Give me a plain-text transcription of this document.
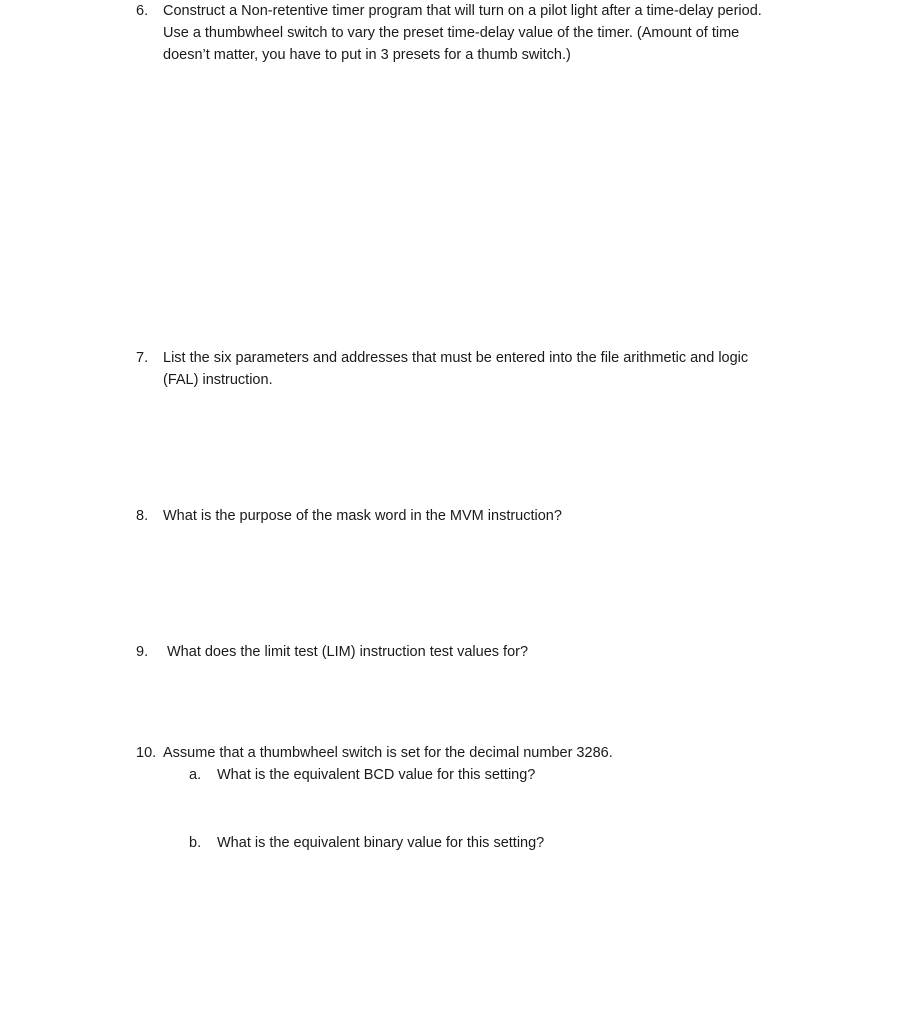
6.	Construct a Non-retentive timer program that will turn on a pilot light after a time-delay period.
Use a thumbwheel switch to vary the preset time-delay value of the timer. (Amount of time
doesn’t matter, you have to put in 3 presets for a thumb switch.)
7.	List the six parameters and addresses that must be entered into the file arithmetic and logic
(FAL) instruction.
8.	What is the purpose of the mask word in the MVM instruction?
9.	What does the limit test (LIM) instruction test values for?
10. Assume that a thumbwheel switch is set for the decimal number 3286.
a.	What is the equivalent BCD value for this setting?
b.	What is the equivalent binary value for this setting?
